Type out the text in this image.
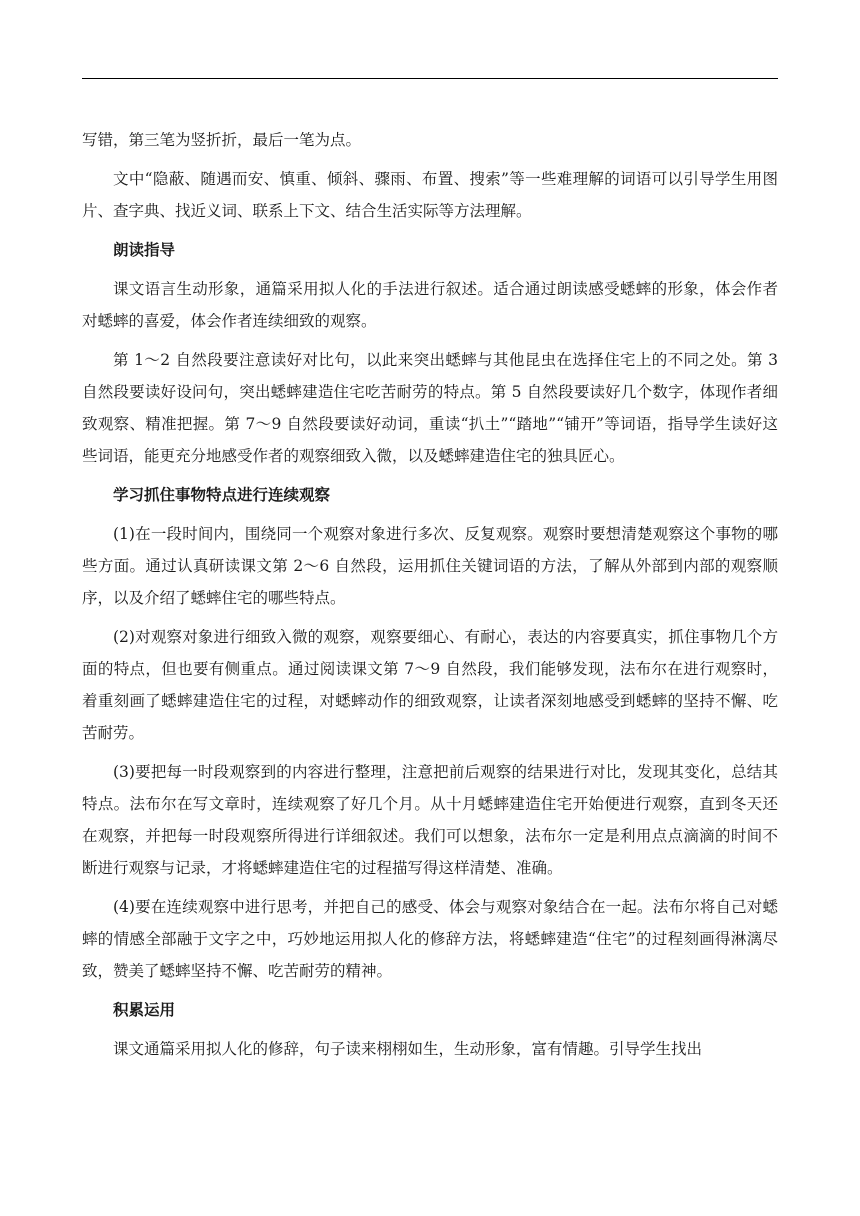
写错，第三笔为竖折折，最后一笔为点。

文中“隐蔽、随遇而安、慎重、倾斜、骤雨、布置、搜索”等一些难理解的词语可以引导学生用图片、查字典、找近义词、联系上下文、结合生活实际等方法理解。

朗读指导

课文语言生动形象，通篇采用拟人化的手法进行叙述。适合通过朗读感受蟋蟀的形象，体会作者对蟋蟀的喜爱，体会作者连续细致的观察。

第 1～2 自然段要注意读好对比句，以此来突出蟋蟀与其他昆虫在选择住宅上的不同之处。第 3 自然段要读好设问句，突出蟋蟀建造住宅吃苦耐劳的特点。第 5 自然段要读好几个数字，体现作者细致观察、精准把握。第 7～9 自然段要读好动词，重读“扒土”“踏地”“铺开”等词语，指导学生读好这些词语，能更充分地感受作者的观察细致入微，以及蟋蟀建造住宅的独具匠心。

学习抓住事物特点进行连续观察

(1)在一段时间内，围绕同一个观察对象进行多次、反复观察。观察时要想清楚观察这个事物的哪些方面。通过认真研读课文第 2～6 自然段，运用抓住关键词语的方法，了解从外部到内部的观察顺序，以及介绍了蟋蟀住宅的哪些特点。

(2)对观察对象进行细致入微的观察，观察要细心、有耐心，表达的内容要真实，抓住事物几个方面的特点，但也要有侧重点。通过阅读课文第 7～9 自然段，我们能够发现，法布尔在进行观察时，着重刻画了蟋蟀建造住宅的过程，对蟋蟀动作的细致观察，让读者深刻地感受到蟋蟀的坚持不懈、吃苦耐劳。

(3)要把每一时段观察到的内容进行整理，注意把前后观察的结果进行对比，发现其变化，总结其特点。法布尔在写文章时，连续观察了好几个月。从十月蟋蟀建造住宅开始便进行观察，直到冬天还在观察，并把每一时段观察所得进行详细叙述。我们可以想象，法布尔一定是利用点点滴滴的时间不断进行观察与记录，才将蟋蟀建造住宅的过程描写得这样清楚、准确。

(4)要在连续观察中进行思考，并把自己的感受、体会与观察对象结合在一起。法布尔将自己对蟋蟀的情感全部融于文字之中，巧妙地运用拟人化的修辞方法，将蟋蟀建造“住宅”的过程刻画得淋漓尽致，赞美了蟋蟀坚持不懈、吃苦耐劳的精神。

积累运用

课文通篇采用拟人化的修辞，句子读来栩栩如生，生动形象，富有情趣。引导学生找出
